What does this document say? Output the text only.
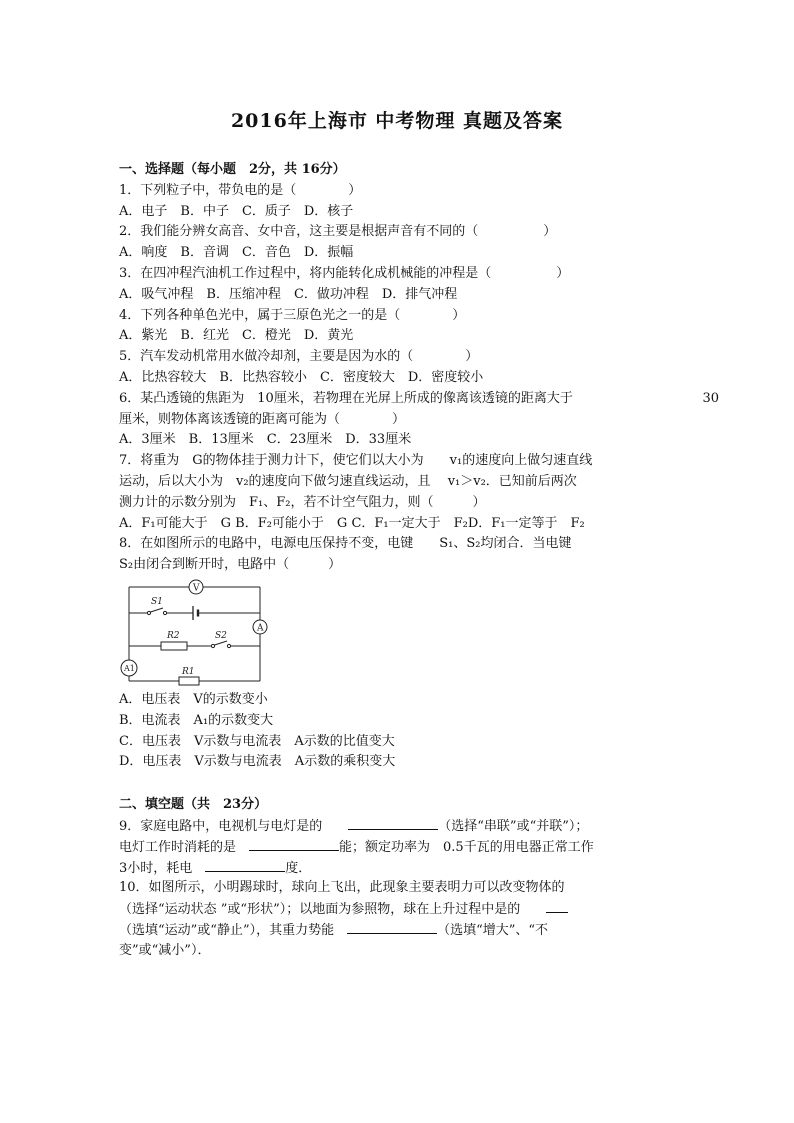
2016年上海市 中考物理 真题及答案
一、选择题（每小题　2分，共 16分）
1．下列粒子中，带负电的是（　　　　）
A．电子　B．中子　C．质子　D．核子
2．我们能分辨女高音、女中音，这主要是根据声音有不同的（　　　　　）
A．响度　B．音调　C．音色　D．振幅
3．在四冲程汽油机工作过程中，将内能转化成机械能的冲程是（　　　　　）
A．吸气冲程　B．压缩冲程　C．做功冲程　D．排气冲程
4．下列各种单色光中，属于三原色光之一的是（　　　　）
A．紫光　B．红光　C．橙光　D．黄光
5．汽车发动机常用水做冷却剂，主要是因为水的（　　　　）
A．比热容较大　B．比热容较小　C．密度较大　D．密度较小
6．某凸透镜的焦距为　10厘米，若物理在光屏上所成的像离该透镜的距离大于	30
厘米，则物体离该透镜的距离可能为（　　　　）
A．3厘米　B．13厘米　C．23厘米　D．33厘米
7．将重为　G的物体挂于测力计下，使它们以大小为　　v₁的速度向上做匀速直线
运动，后以大小为　v₂的速度向下做匀速直线运动，且　 v₁＞v₂．已知前后两次
测力计的示数分别为　F₁、F₂，若不计空气阻力，则（　　　）
A．F₁可能大于　G B．F₂可能小于　G C．F₁一定大于　F₂D．F₁一定等于　F₂
8．在如图所示的电路中，电源电压保持不变，电键　　S₁、S₂均闭合．当电键
S₂由闭合到断开时，电路中（　　　）
V
A
A1
S1
R2	S2
R1
A．电压表　V的示数变小
B．电流表　A₁的示数变大
C．电压表　V示数与电流表　A示数的比值变大
D．电压表　V示数与电流表　A示数的乘积变大
二、填空题（共　23分）
9．家庭电路中，电视机与电灯是的　　	（选择“串联”或“并联”）；
电灯工作时消耗的是　	能；额定功率为　0.5千瓦的用电器正常工作
3小时，耗电　	度．
10．如图所示，小明踢球时，球向上飞出，此现象主要表明力可以改变物体的
（选择“运动状态 ”或“形状”）；以地面为参照物，球在上升过程中是的　　
（选填“运动”或“静止”），其重力势能　	（选填“增大”、“不
变”或“减小”）．
